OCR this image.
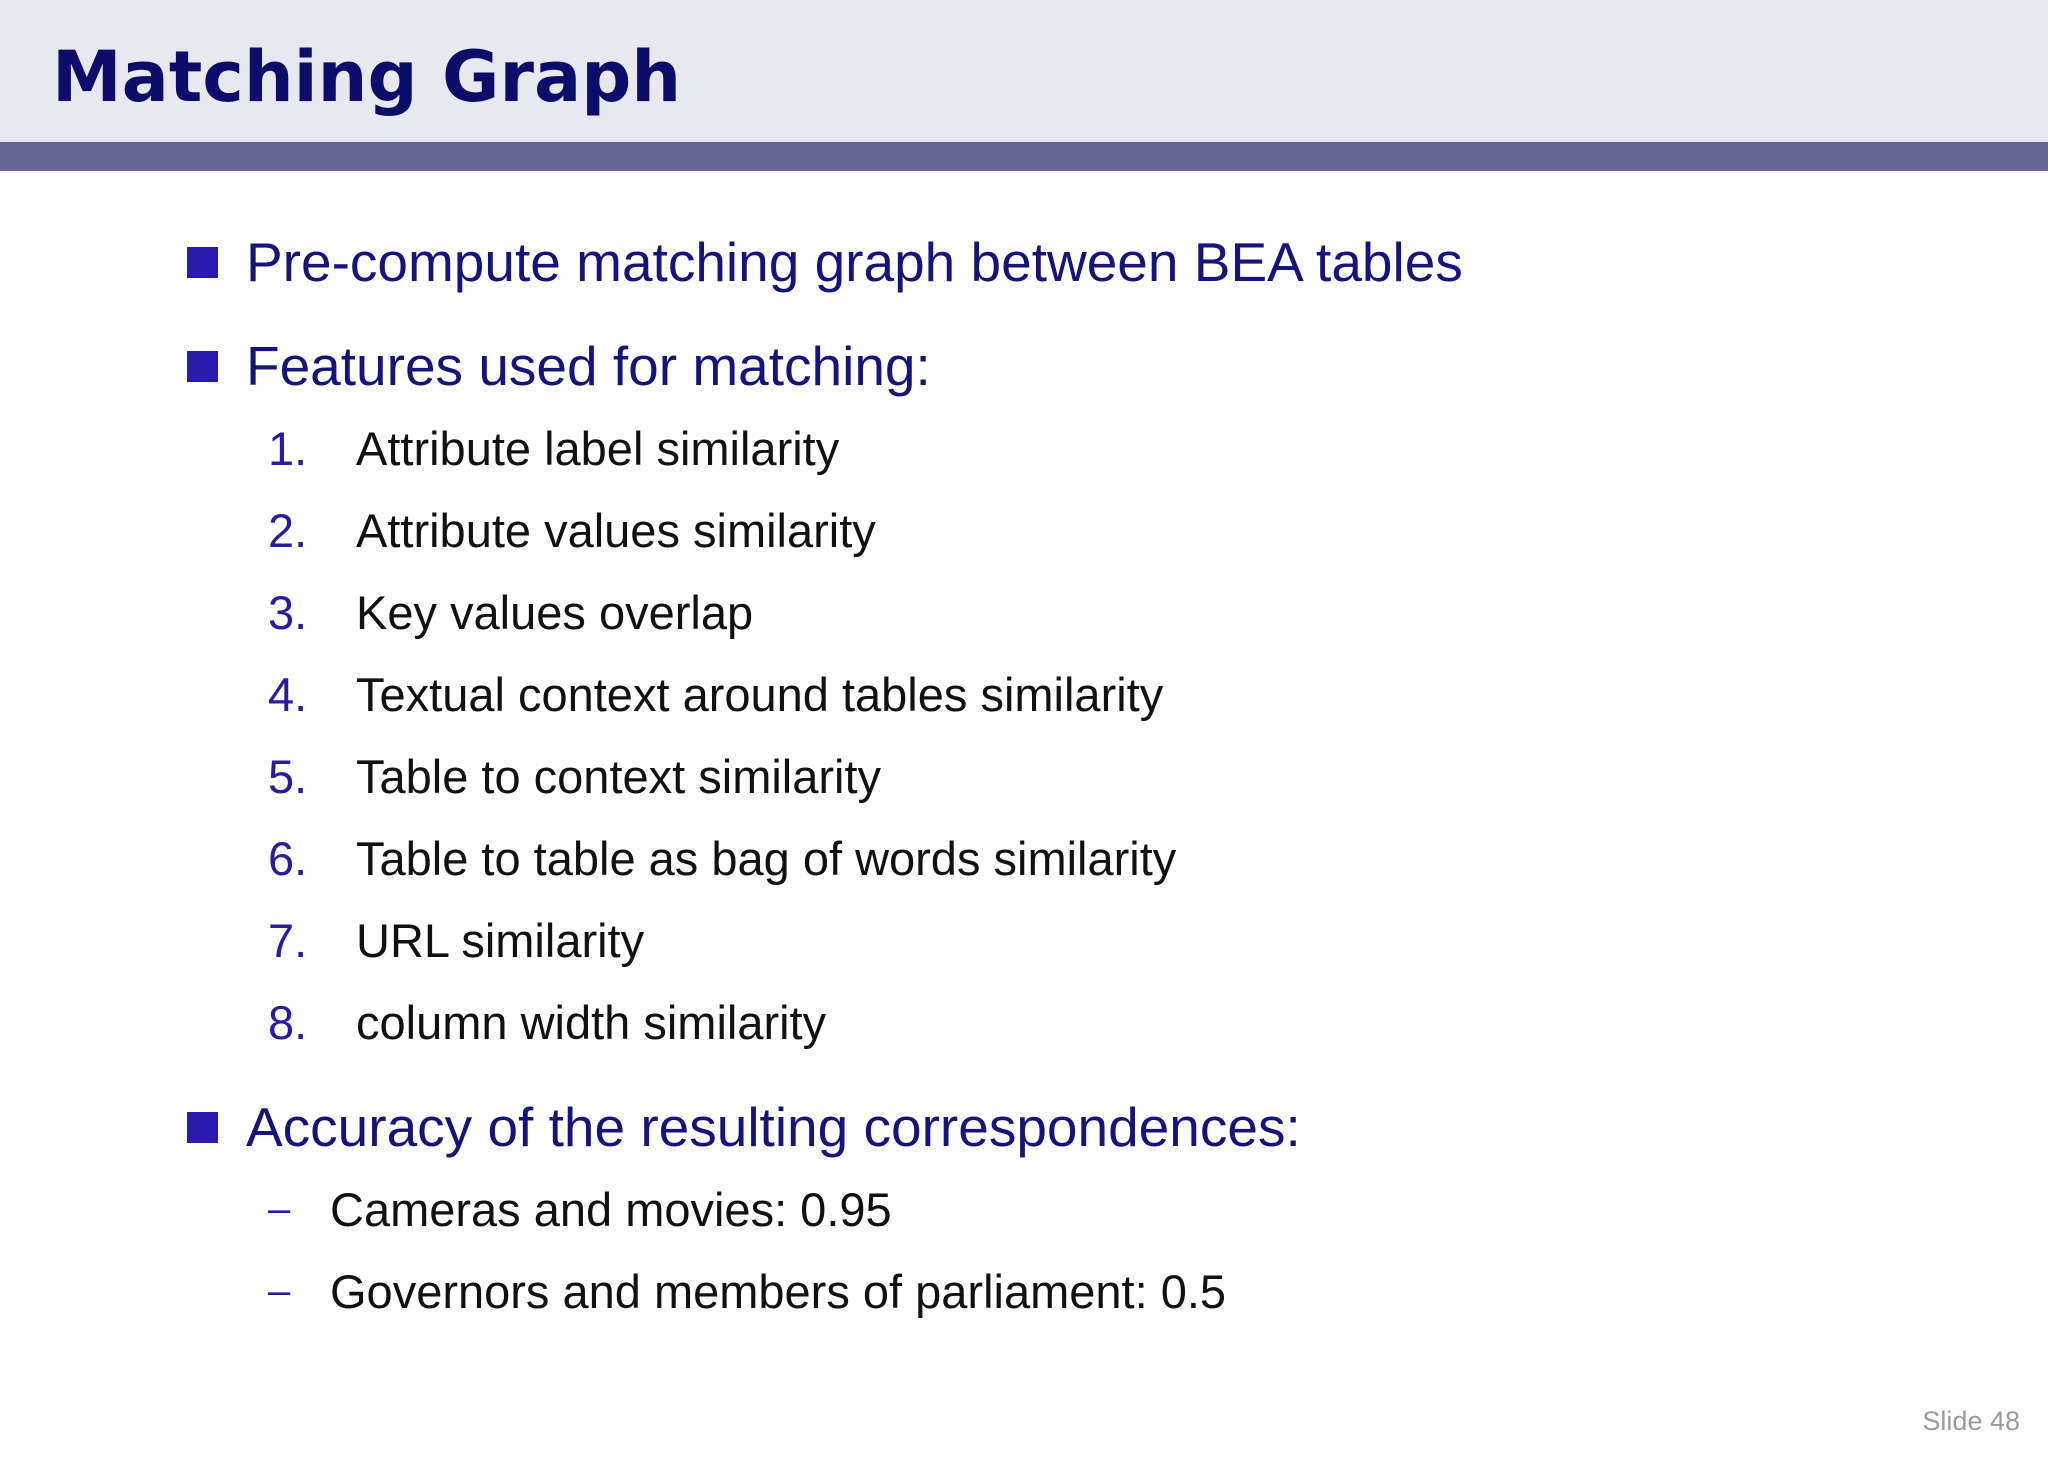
Matching Graph
Pre-compute matching graph between BEA tables
Features used for matching:
1.	Attribute label similarity
2.	Attribute values similarity
3.	Key values overlap
4.	Textual context around tables similarity
5.	Table to context similarity
6.	Table to table as bag of words similarity
7.	URL similarity
8.	column width similarity
Accuracy of the resulting correspondences:
– Cameras and movies: 0.95
– Governors and members of parliament: 0.5
Slide 48
